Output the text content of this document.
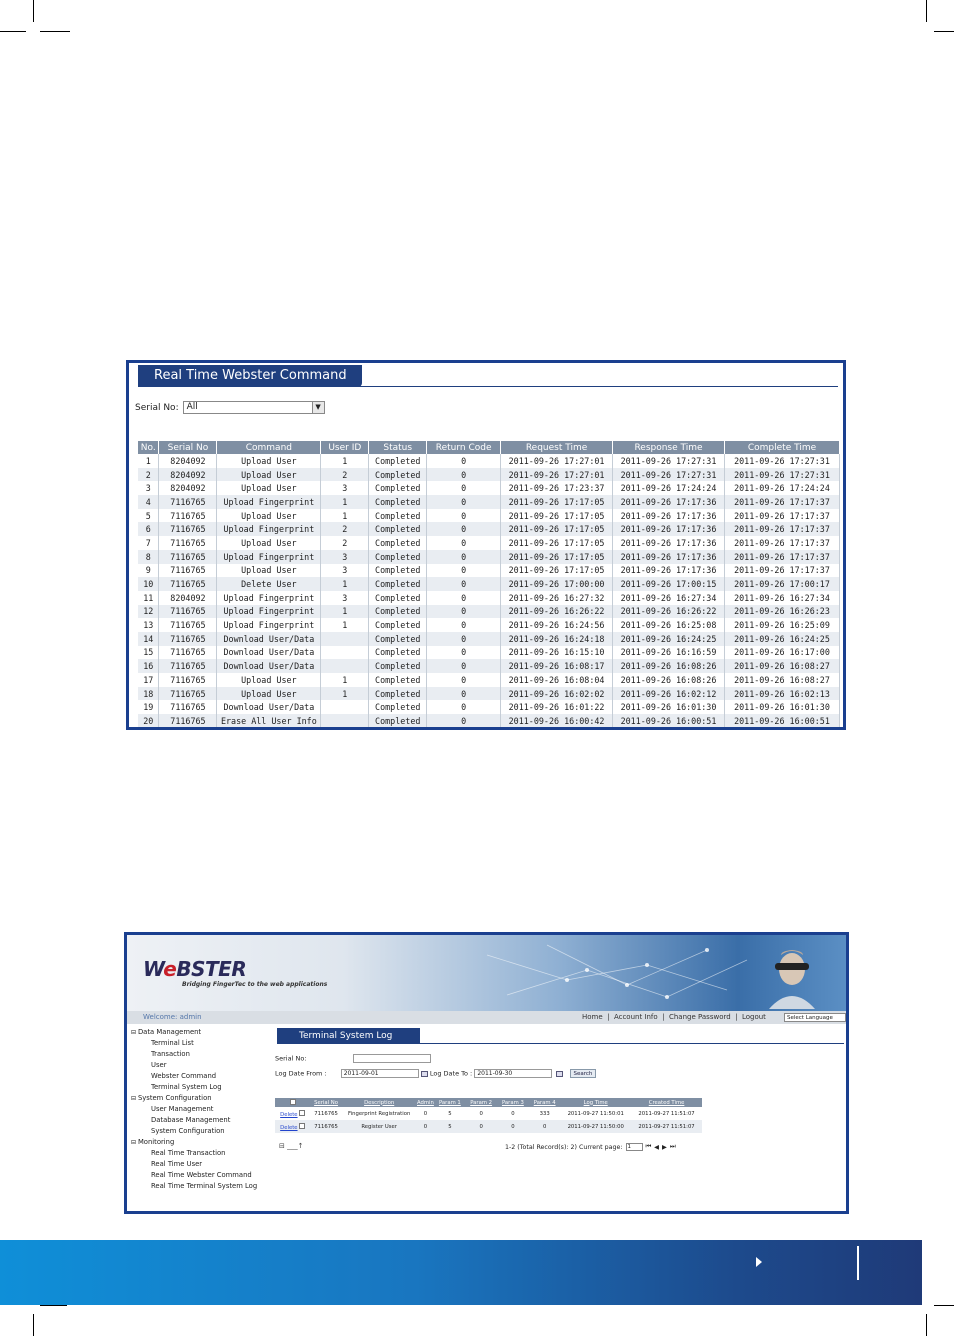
Real Time Webster Command
Serial No: All	▼
No.	Serial No	Command	User ID	Status	Return Code	Request Time	Response Time	Complete Time
1	8204092	Upload User	1	Completed	0	2011-09-26 17:27:01	2011-09-26 17:27:31	2011-09-26 17:27:31
2	8204092	Upload User	2	Completed	0	2011-09-26 17:27:01	2011-09-26 17:27:31	2011-09-26 17:27:31
3	8204092	Upload User	3	Completed	0	2011-09-26 17:23:37	2011-09-26 17:24:24	2011-09-26 17:24:24
4	7116765	Upload Fingerprint	1	Completed	0	2011-09-26 17:17:05	2011-09-26 17:17:36	2011-09-26 17:17:37
5	7116765	Upload User	1	Completed	0	2011-09-26 17:17:05	2011-09-26 17:17:36	2011-09-26 17:17:37
6	7116765	Upload Fingerprint	2	Completed	0	2011-09-26 17:17:05	2011-09-26 17:17:36	2011-09-26 17:17:37
7	7116765	Upload User	2	Completed	0	2011-09-26 17:17:05	2011-09-26 17:17:36	2011-09-26 17:17:37
8	7116765	Upload Fingerprint	3	Completed	0	2011-09-26 17:17:05	2011-09-26 17:17:36	2011-09-26 17:17:37
9	7116765	Upload User	3	Completed	0	2011-09-26 17:17:05	2011-09-26 17:17:36	2011-09-26 17:17:37
10	7116765	Delete User	1	Completed	0	2011-09-26 17:00:00	2011-09-26 17:00:15	2011-09-26 17:00:17
11	8204092	Upload Fingerprint	3	Completed	0	2011-09-26 16:27:32	2011-09-26 16:27:34	2011-09-26 16:27:34
12	7116765	Upload Fingerprint	1	Completed	0	2011-09-26 16:26:22	2011-09-26 16:26:22	2011-09-26 16:26:23
13	7116765	Upload Fingerprint	1	Completed	0	2011-09-26 16:24:56	2011-09-26 16:25:08	2011-09-26 16:25:09
14	7116765	Download User/Data		Completed	0	2011-09-26 16:24:18	2011-09-26 16:24:25	2011-09-26 16:24:25
15	7116765	Download User/Data		Completed	0	2011-09-26 16:15:10	2011-09-26 16:16:59	2011-09-26 16:17:00
16	7116765	Download User/Data		Completed	0	2011-09-26 16:08:17	2011-09-26 16:08:26	2011-09-26 16:08:27
17	7116765	Upload User	1	Completed	0	2011-09-26 16:08:04	2011-09-26 16:08:26	2011-09-26 16:08:27
18	7116765	Upload User	1	Completed	0	2011-09-26 16:02:02	2011-09-26 16:02:12	2011-09-26 16:02:13
19	7116765	Download User/Data		Completed	0	2011-09-26 16:01:22	2011-09-26 16:01:30	2011-09-26 16:01:30
20	7116765	Erase All User Info		Completed	0	2011-09-26 16:00:42	2011-09-26 16:00:51	2011-09-26 16:00:51
WeBSTER
Bridging FingerTec to the web applications
Welcome: admin	Home  |  Account Info  |  Change Password  |  Logout	Select Language
⊟ Data Management
Terminal List
Transaction
User
Webster Command
Terminal System Log
⊟ System Configuration
User Management
Database Management
System Configuration
⊟ Monitoring
Real Time Transaction
Real Time User
Real Time Webster Command
Real Time Terminal System Log
Terminal System Log
Serial No:
Log Date From :	2011-09-01	Log Date To : 2011-09-30	Search
	Serial No	Description	Admin	Param 1	Param 2	Param 3	Param 4	Log Time	Created Time
Delete	7116765	Fingerprint Registration	0	5	0	0	333	2011-09-27 11:50:01	2011-09-27 11:51:07
Delete	7116765	Register User	0	5	0	0	0	2011-09-27 11:50:00	2011-09-27 11:51:07
⊟ ___↑	1-2 (Total Record(s): 2) Current page: 1	⏮ ◀ ▶ ⏭
